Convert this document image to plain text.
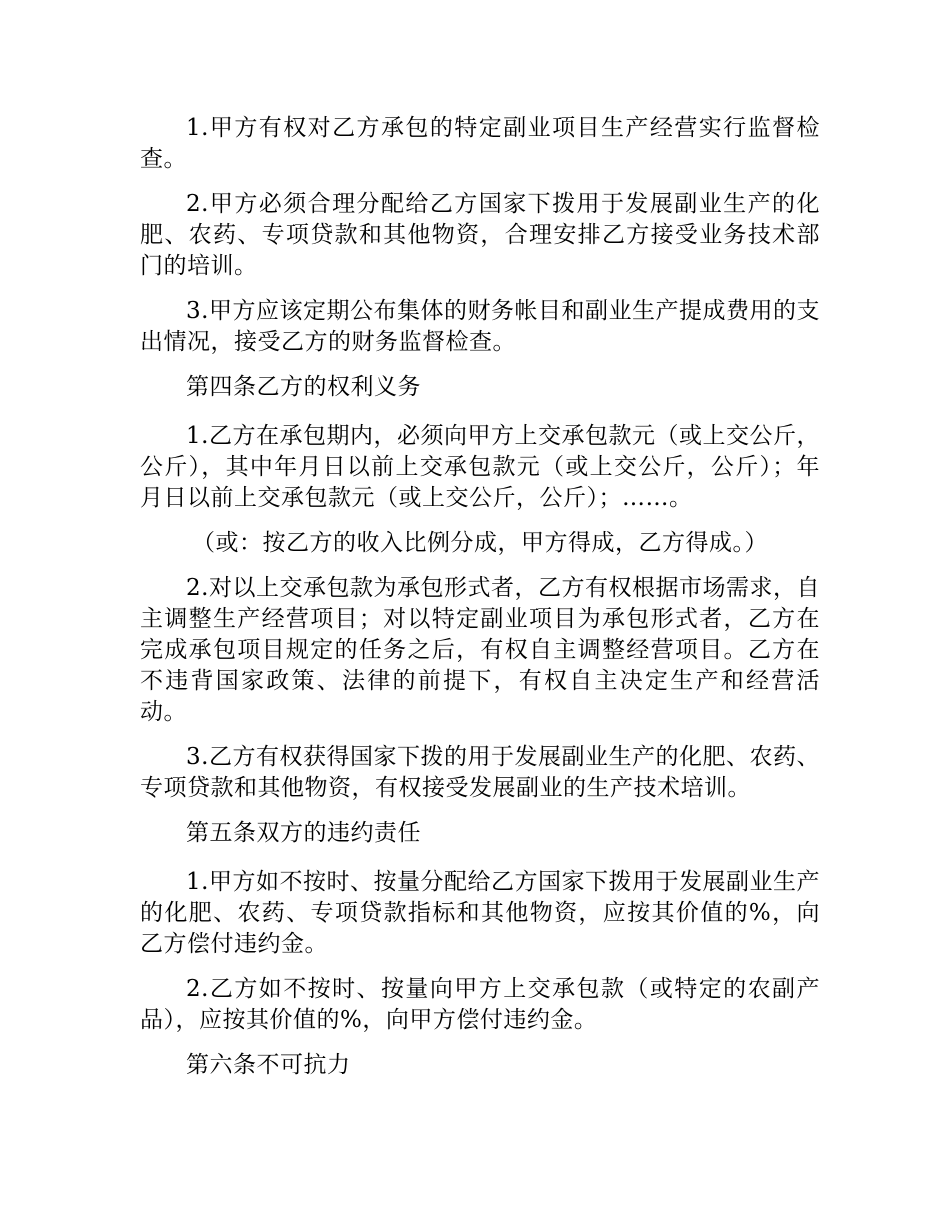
1.甲方有权对乙方承包的特定副业项目生产经营实行监督检查。

2.甲方必须合理分配给乙方国家下拨用于发展副业生产的化肥、农药、专项贷款和其他物资，合理安排乙方接受业务技术部门的培训。

3.甲方应该定期公布集体的财务帐目和副业生产提成费用的支出情况，接受乙方的财务监督检查。

第四条乙方的权利义务

1.乙方在承包期内，必须向甲方上交承包款元（或上交公斤，公斤），其中年月日以前上交承包款元（或上交公斤，公斤）；年月日以前上交承包款元（或上交公斤，公斤）；……。

（或：按乙方的收入比例分成，甲方得成，乙方得成。）

2.对以上交承包款为承包形式者，乙方有权根据市场需求，自主调整生产经营项目；对以特定副业项目为承包形式者，乙方在完成承包项目规定的任务之后，有权自主调整经营项目。乙方在不违背国家政策、法律的前提下，有权自主决定生产和经营活动。

3.乙方有权获得国家下拨的用于发展副业生产的化肥、农药、专项贷款和其他物资，有权接受发展副业的生产技术培训。

第五条双方的违约责任

1.甲方如不按时、按量分配给乙方国家下拨用于发展副业生产的化肥、农药、专项贷款指标和其他物资，应按其价值的%，向乙方偿付违约金。

2.乙方如不按时、按量向甲方上交承包款（或特定的农副产品），应按其价值的%，向甲方偿付违约金。

第六条不可抗力
